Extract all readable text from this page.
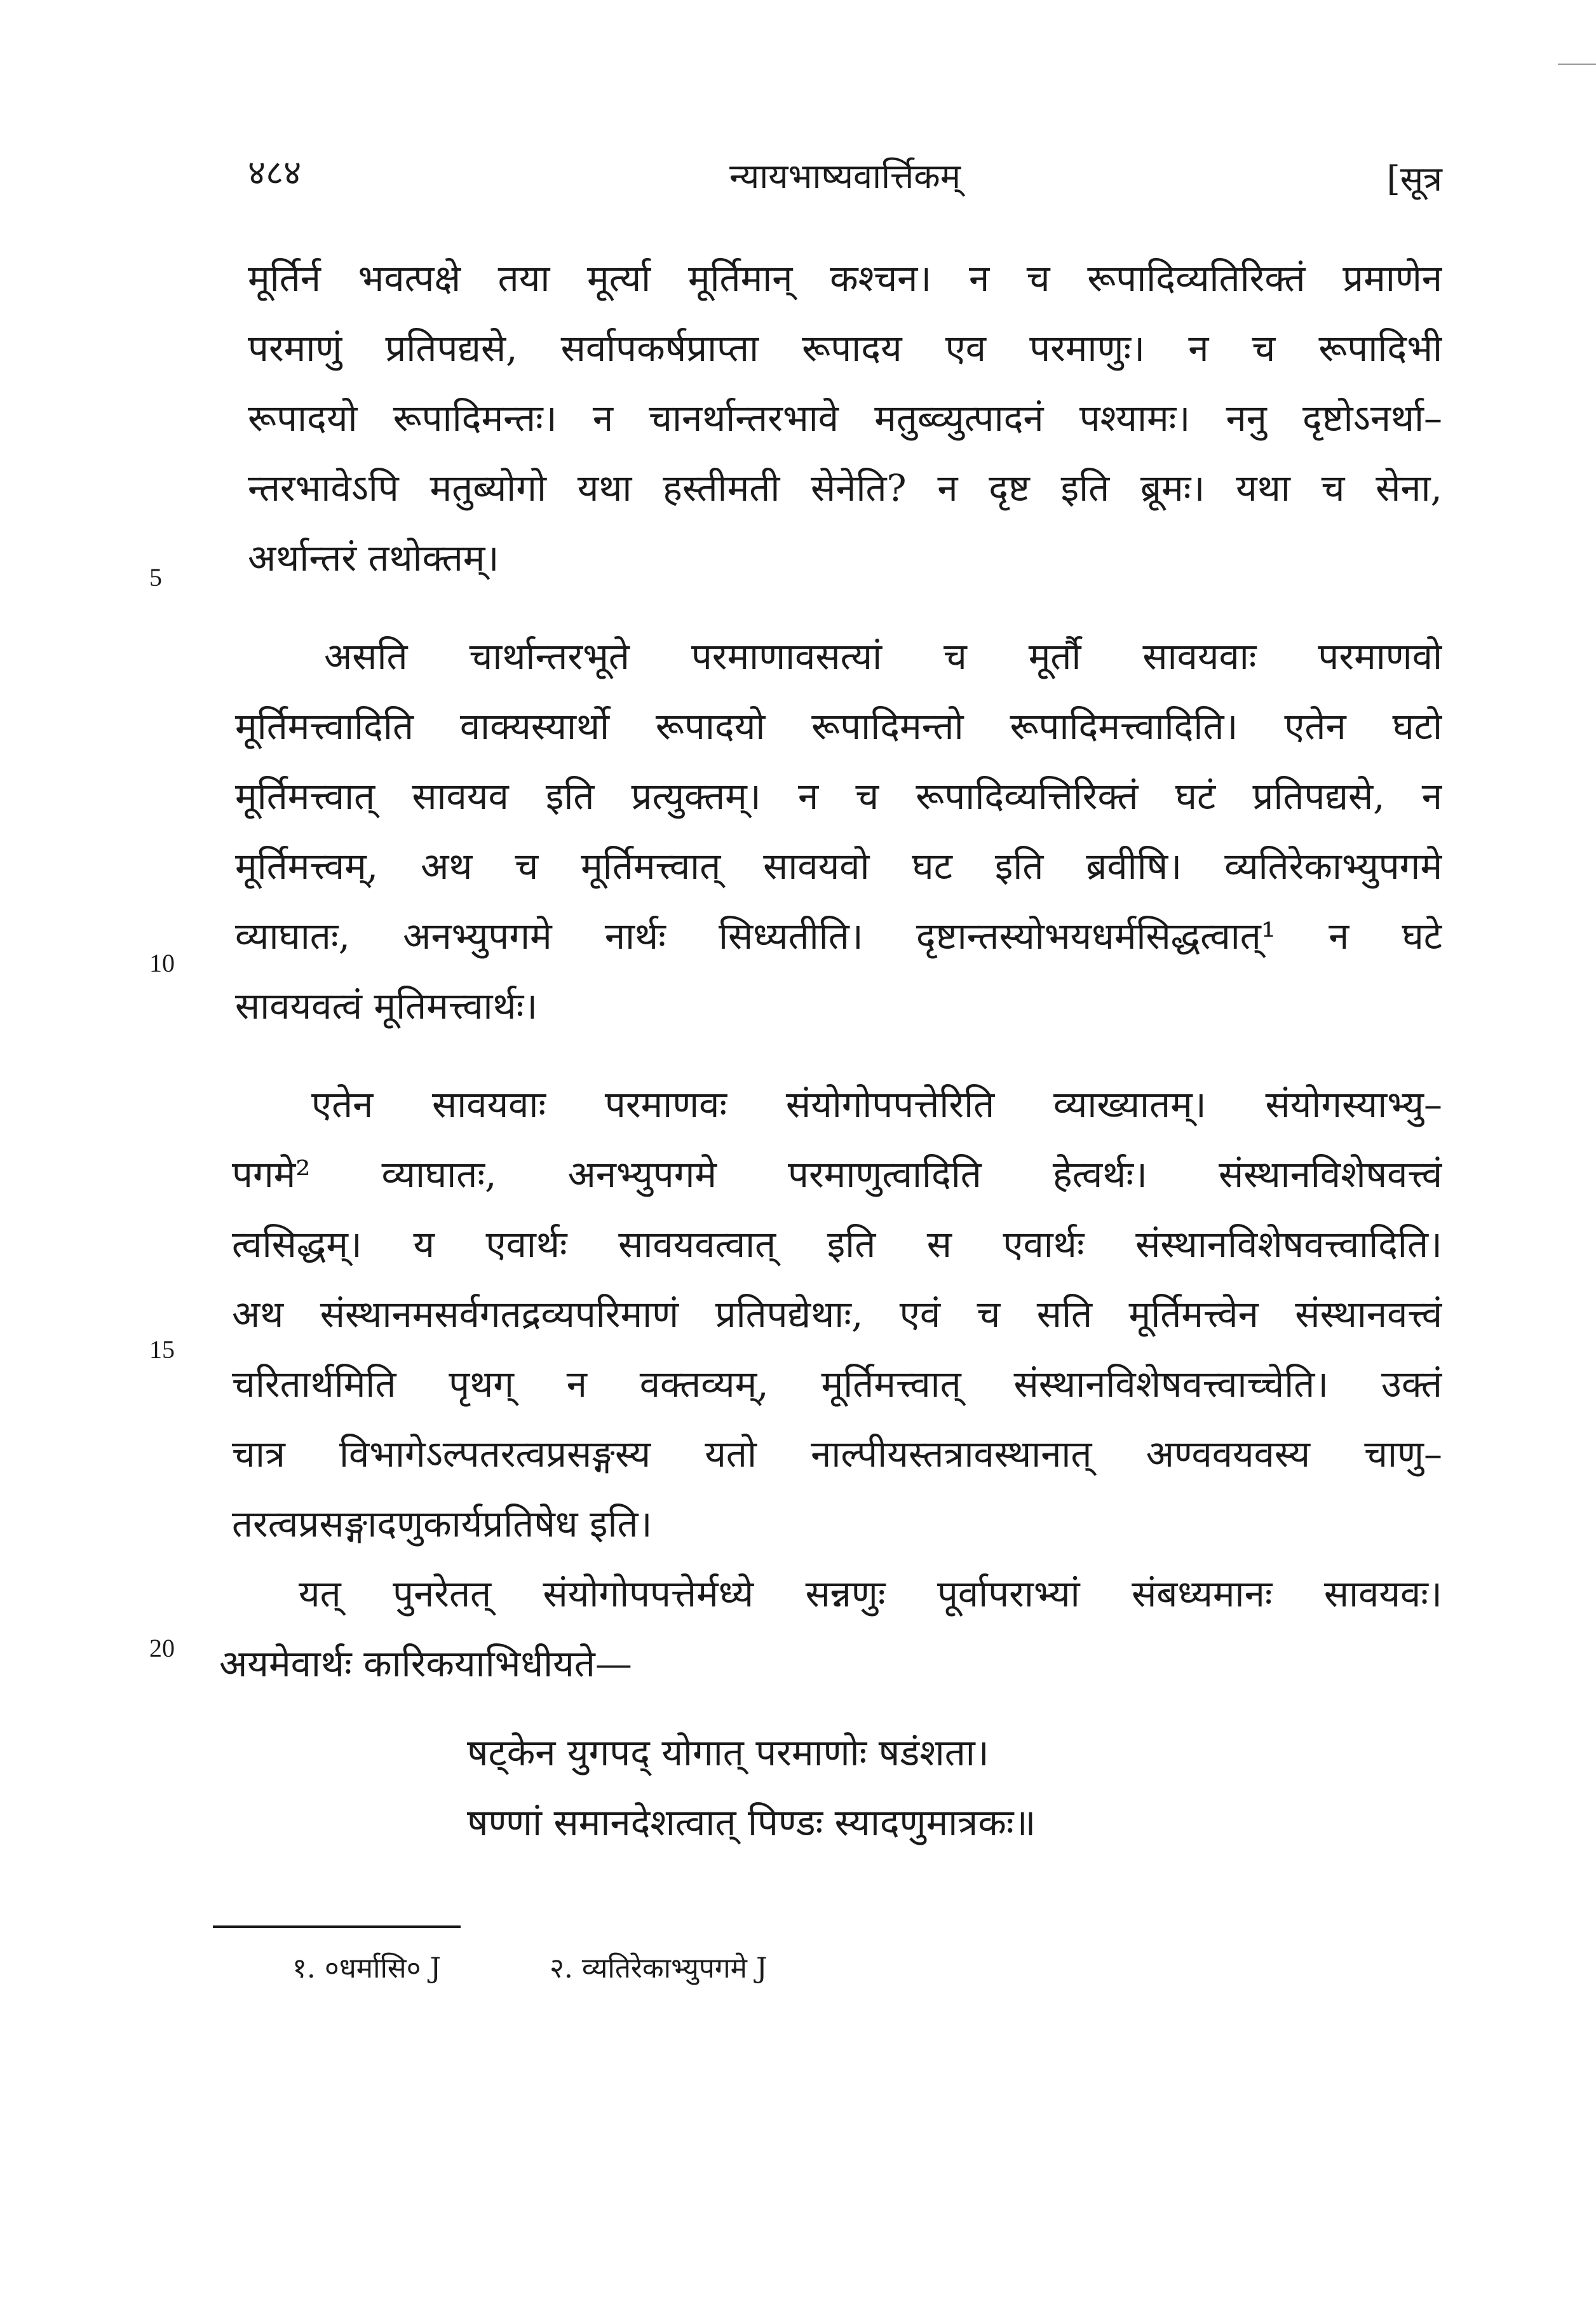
४८४	न्यायभाष्यवार्त्तिकम्	[सूत्र
मूर्तिर्न भवत्पक्षे तया मूर्त्या मूर्तिमान् कश्चन। न च रूपादिव्यतिरिक्तं प्रमाणेन
परमाणुं प्रतिपद्यसे, सर्वापकर्षप्राप्ता रूपादय एव परमाणुः। न च रूपादिभी
रूपादयो रूपादिमन्तः। न चानर्थान्तरभावे मतुब्व्युत्पादनं पश्यामः। ननु दृष्टोऽनर्था–
न्तरभावेऽपि मतुब्योगो यथा हस्तीमती सेनेति? न दृष्ट इति ब्रूमः। यथा च सेना,
अर्थान्तरं तथोक्तम्।
5
असति चार्थान्तरभूते परमाणावसत्यां च मूर्तौ सावयवाः परमाणवो
मूर्तिमत्त्वादिति वाक्यस्यार्थो रूपादयो रूपादिमन्तो रूपादिमत्त्वादिति। एतेन घटो
मूर्तिमत्त्वात् सावयव इति प्रत्युक्तम्। न च रूपादिव्यत्तिरिक्तं घटं प्रतिपद्यसे, न
मूर्तिमत्त्वम्, अथ च मूर्तिमत्त्वात् सावयवो घट इति ब्रवीषि। व्यतिरेकाभ्युपगमे
व्याघातः, अनभ्युपगमे नार्थः सिध्यतीति। दृष्टान्तस्योभयधर्मसिद्धत्वात्¹ न घटे
10
सावयवत्वं मूतिमत्त्वार्थः।
एतेन सावयवाः परमाणवः संयोगोपपत्तेरिति व्याख्यातम्। संयोगस्याभ्यु–
पगमे² व्याघातः, अनभ्युपगमे परमाणुत्वादिति हेत्वर्थः। संस्थानविशेषवत्त्वं
त्वसिद्धम्। य एवार्थः सावयवत्वात् इति स एवार्थः संस्थानविशेषवत्त्वादिति।
अथ संस्थानमसर्वगतद्रव्यपरिमाणं प्रतिपद्येथाः, एवं च सति मूर्तिमत्त्वेन संस्थानवत्त्वं
15
चरितार्थमिति पृथग् न वक्तव्यम्, मूर्तिमत्त्वात् संस्थानविशेषवत्त्वाच्चेति। उक्तं
चात्र विभागेऽल्पतरत्वप्रसङ्गस्य यतो नाल्पीयस्तत्रावस्थानात् अण्ववयवस्य चाणु–
तरत्वप्रसङ्गादणुकार्यप्रतिषेध इति।
यत् पुनरेतत् संयोगोपपत्तेर्मध्ये सन्नणुः पूर्वापराभ्यां संबध्यमानः सावयवः।
20 अयमेवार्थः कारिकयाभिधीयते—
षट्केन युगपद् योगात् परमाणोः षडंशता।
षण्णां समानदेशत्वात् पिण्डः स्यादणुमात्रकः॥
१. ०धर्मासि० J	२. व्यतिरेकाभ्युपगमे J
